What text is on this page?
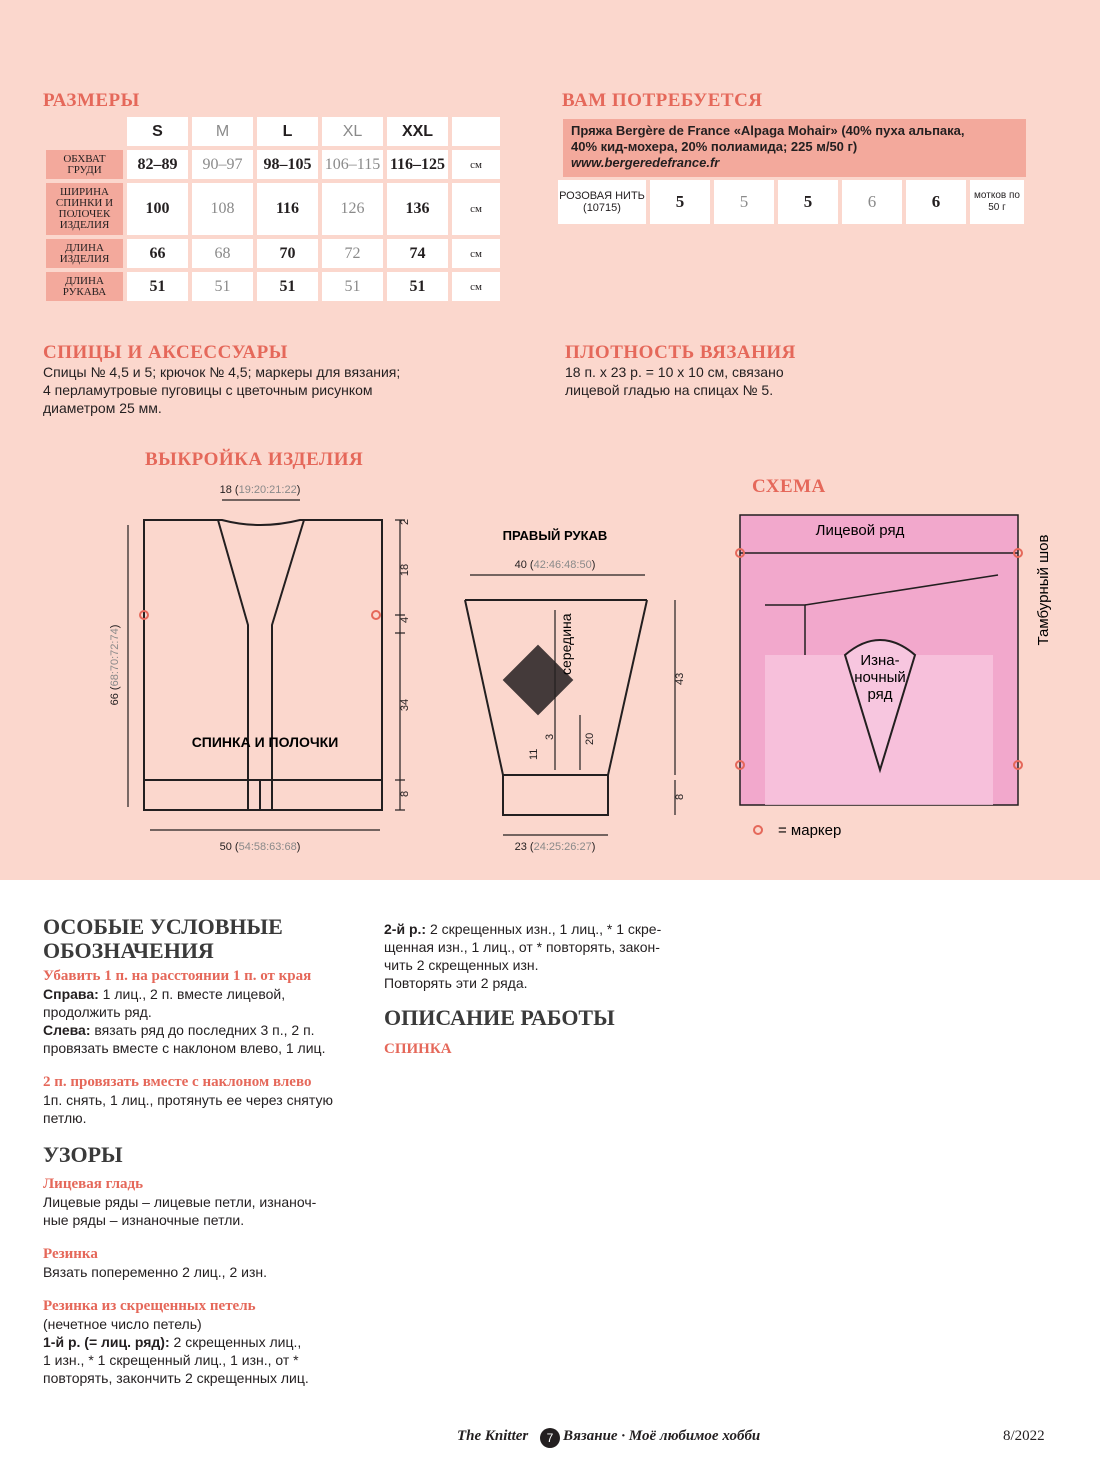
РАЗМЕРЫ
	S	M	L	XL	XXL	
ОБХВАТ ГРУДИ	82–89	90–97	98–105	106–115	116–125	см
ШИРИНА СПИНКИ И ПОЛОЧЕК ИЗДЕЛИЯ	100	108	116	126	136	см
ДЛИНА ИЗДЕЛИЯ	66	68	70	72	74	см
ДЛИНА РУКАВА	51	51	51	51	51	см
ВАМ ПОТРЕБУЕТСЯ
Пряжа Bergère de France «Alpaga Mohair» (40% пуха альпака,
40% кид-мохера, 20% полиамида; 225 м/50 г)
www.bergeredefrance.fr
РОЗОВАЯ НИТЬ (10715)	5	5	5	6	6	мотков по 50 г
СПИЦЫ И АКСЕССУАРЫ
Спицы № 4,5 и 5; крючок № 4,5; маркеры для вязания;
4 перламутровые пуговицы с цветочным рисунком
диаметром 25 мм.
ПЛОТНОСТЬ ВЯЗАНИЯ
18 п. x 23 р. = 10 x 10 см, связано
лицевой гладью на спицах № 5.
ВЫКРОЙКА ИЗДЕЛИЯ
18 (19:20:21:22)
50 (54:58:63:68)
66 (68:70:72:74)
2
18
4
34
8
СПИНКА И ПОЛОЧКИ
ПРАВЫЙ РУКАВ
40 (42:46:48:50)
23 (24:25:26:27)
43
8
20
11
3
середина
СХЕМА
Лицевой ряд
Изна-
ночный
ряд
Тамбурный шов
= маркер
ОСОБЫЕ УСЛОВНЫЕ
ОБОЗНАЧЕНИЯ
Убавить 1 п. на расстоянии 1 п. от края

Справа: 1 лиц., 2 п. вместе лицевой,

продолжить ряд.

Слева: вязать ряд до последних 3 п., 2 п.

провязать вместе с наклоном влево, 1 лиц.

2 п. провязать вместе с наклоном влево

1п. снять, 1 лиц., протянуть ее через снятую

петлю.

УЗОРЫ
Лицевая гладь

Лицевые ряды – лицевые петли, изнаноч-

ные ряды – изнаночные петли.

Резинка

Вязать попеременно 2 лиц., 2 изн.

Резинка из скрещенных петель

(нечетное число петель)

1-й р. (= лиц. ряд): 2 скрещенных лиц.,

1 изн., * 1 скрещенный лиц., 1 изн., от *

повторять, закончить 2 скрещенных лиц.

2-й р.: 2 скрещенных изн., 1 лиц., * 1 скре-

щенная изн., 1 лиц., от * повторять, закон-

чить 2 скрещенных изн.

Повторять эти 2 ряда.

ОПИСАНИЕ РАБОТЫ
СПИНКА
The Knitter	7 Вязание · Моё любимое хобби	8/2022
